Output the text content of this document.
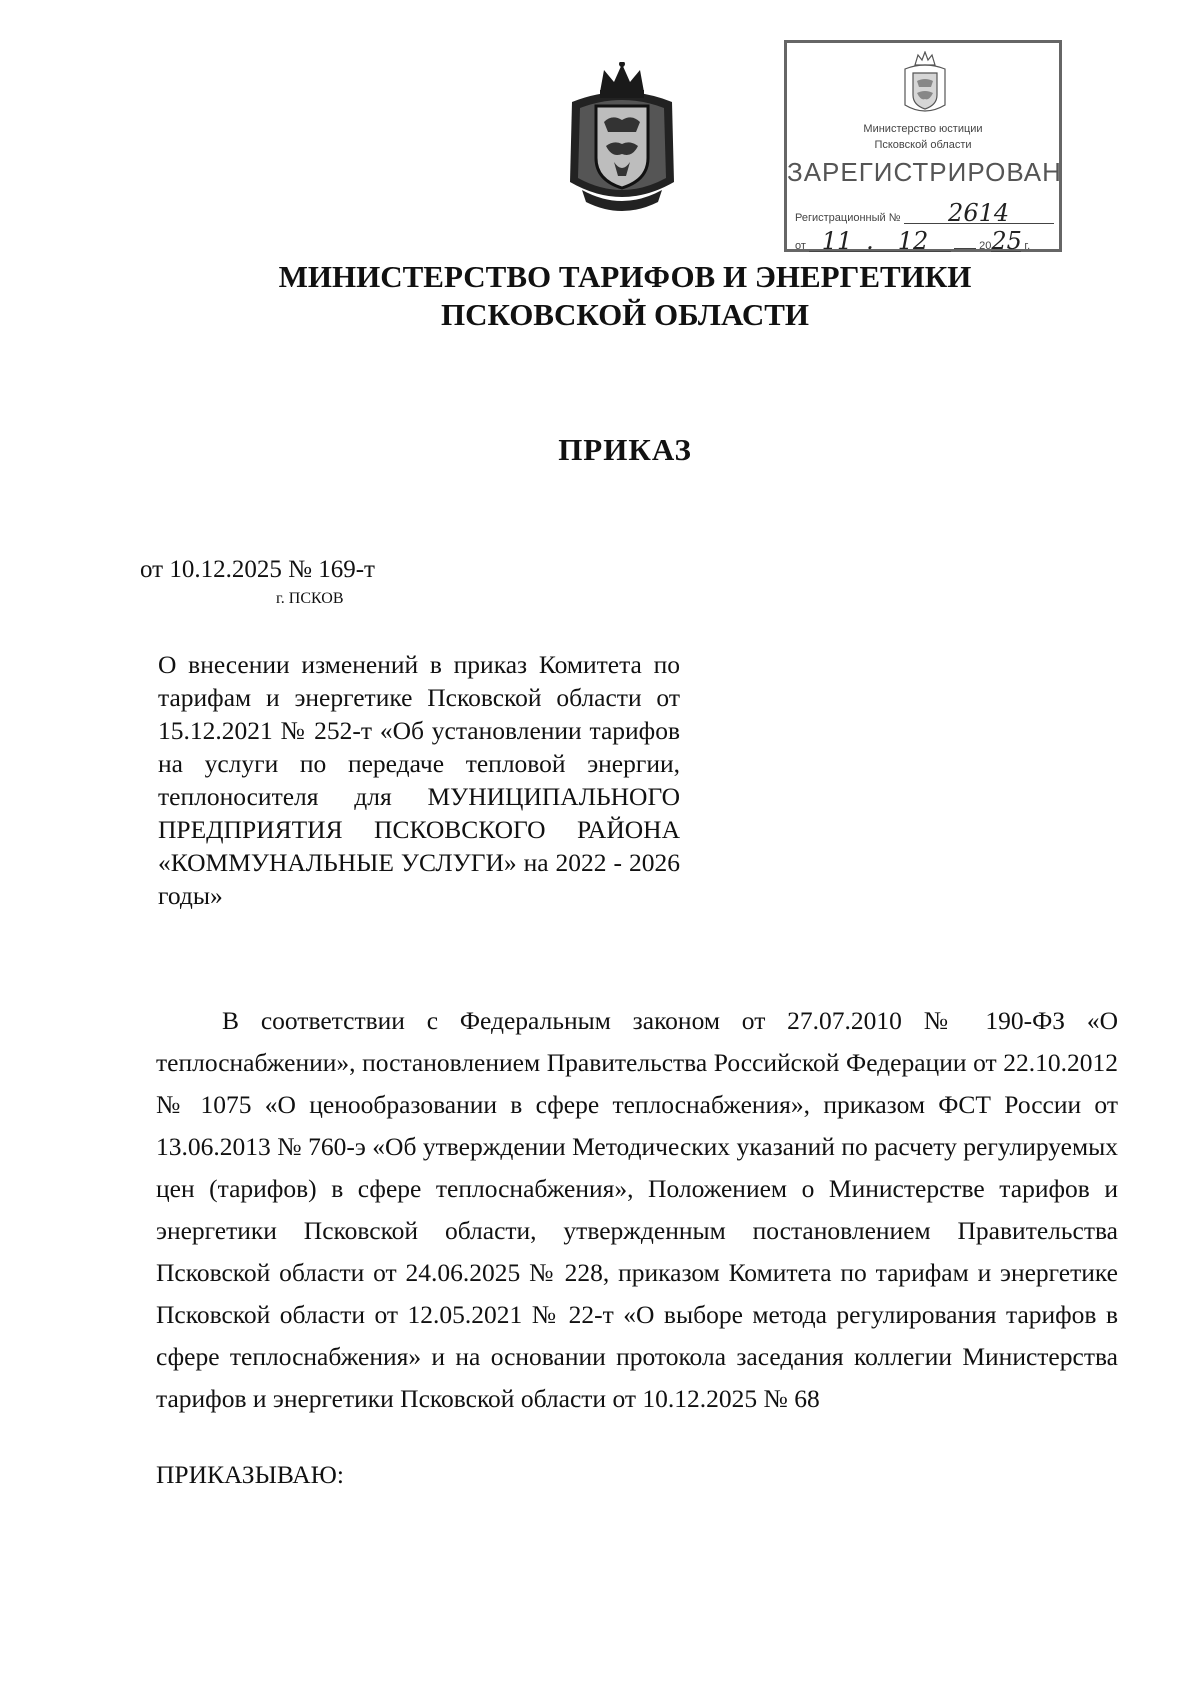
Министерство юстиции
Псковской области
ЗАРЕГИСТРИРОВАН
Регистрационный № 2614
от 11 . 12	2025 г.
МИНИСТЕРСТВО ТАРИФОВ И ЭНЕРГЕТИКИ
ПСКОВСКОЙ ОБЛАСТИ
ПРИКАЗ
от 10.12.2025 № 169-т
г. ПСКОВ
О внесении изменений в приказ Комитета по тарифам и энергетике Псковской области от 15.12.2021 № 252-т «Об установлении тарифов на услуги по передаче тепловой энергии, теплоносителя для МУНИЦИПАЛЬНОГО ПРЕДПРИЯТИЯ ПСКОВСКОГО РАЙОНА «КОММУНАЛЬНЫЕ УСЛУГИ» на 2022 - 2026 годы»
В соответствии с Федеральным законом от 27.07.2010 № 190-ФЗ «О теплоснабжении», постановлением Правительства Российской Федерации от 22.10.2012 № 1075 «О ценообразовании в сфере теплоснабжения», приказом ФСТ России от 13.06.2013 № 760-э «Об утверждении Методических указаний по расчету регулируемых цен (тарифов) в сфере теплоснабжения», Положением о Министерстве тарифов и энергетики Псковской области, утвержденным постановлением Правительства Псковской области от 24.06.2025 № 228, приказом Комитета по тарифам и энергетике Псковской области от 12.05.2021 № 22-т «О выборе метода регулирования тарифов в сфере теплоснабжения» и на основании протокола заседания коллегии Министерства тарифов и энергетики Псковской области от 10.12.2025 № 68
ПРИКАЗЫВАЮ:
